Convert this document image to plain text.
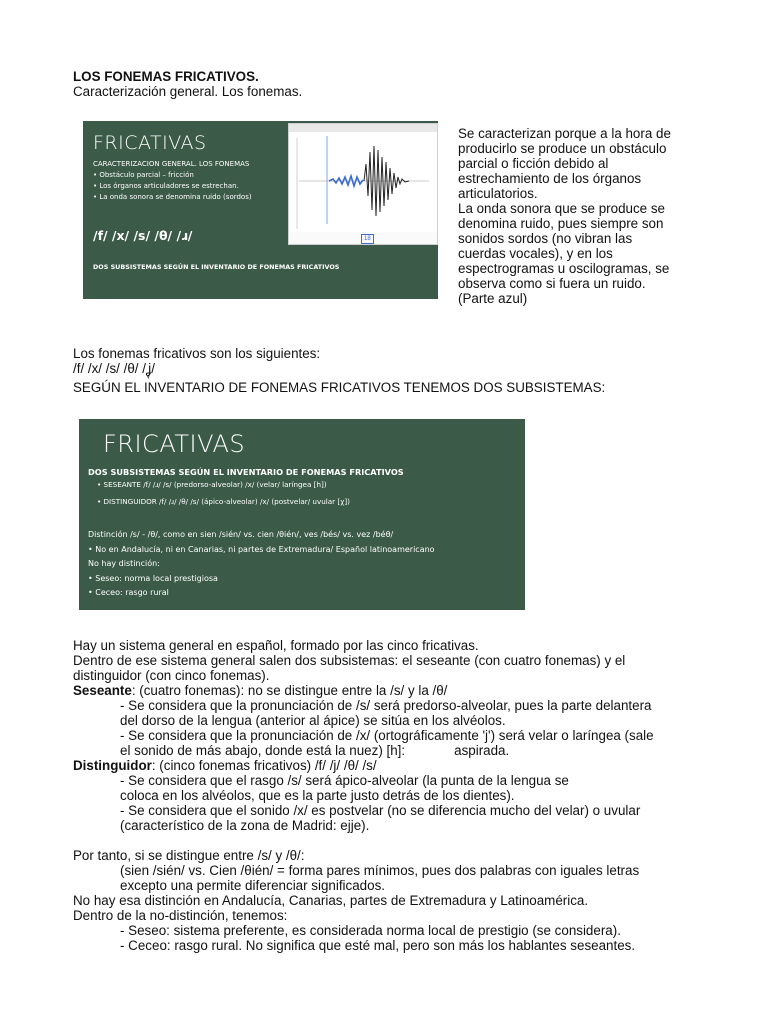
LOS FONEMAS FRICATIVOS.
Caracterización general. Los fonemas.
FRICATIVAS
CARACTERIZACION GENERAL. LOS FONEMAS
• Obstáculo parcial – fricción
• Los órganos articuladores se estrechan.
• La onda sonora se denomina ruido (sordos)
/f/ /x/ /s/ /θ/ /ɹ/
DOS SUBSISTEMAS SEGÚN EL INVENTARIO DE FONEMAS FRICATIVOS
18
Se caracterizan porque a la hora de
producirlo se produce un obstáculo
parcial o ficción debido al
estrechamiento de los órganos
articulatorios.
La onda sonora que se produce se
denomina ruido, pues siempre son
sonidos sordos (no vibran las
cuerdas vocales), y en los
espectrogramas u oscilogramas, se
observa como si fuera un ruido.
(Parte azul)
Los fonemas fricativos son los siguientes:
/f/ /x/ /s/ /θ/ /ʝ̞/
SEGÚN EL INVENTARIO DE FONEMAS FRICATIVOS TENEMOS DOS SUBSISTEMAS:
FRICATIVAS
DOS SUBSISTEMAS SEGÚN EL INVENTARIO DE FONEMAS FRICATIVOS
• SESEANTE /f/ /ɹ/ /s/ (predorso-alveolar) /x/ (velar/ laríngea [h])
• DISTINGUIDOR /f/ /ɹ/ /θ/ /s/ (ápico-alveolar) /x/ (postvelar/ uvular [χ])
Distinción /s/ - /θ/, como en sien /sién/ vs. cien /θién/, ves /bés/ vs. vez /béθ/
• No en Andalucía, ni en Canarias, ni partes de Extremadura/ Español latinoamericano
No hay distinción:
• Seseo: norma local prestigiosa
• Ceceo: rasgo rural
Hay un sistema general en español, formado por las cinco fricativas.
Dentro de ese sistema general salen dos subsistemas: el seseante (con cuatro fonemas) y el
distinguidor (con cinco fonemas).
Seseante: (cuatro fonemas): no se distingue entre la /s/ y la /θ/
- Se considera que la pronunciación de /s/ será predorso-alveolar, pues la parte delantera
del dorso de la lengua (anterior al ápice) se sitúa en los alvéolos.
- Se considera que la pronunciación de /x/ (ortográficamente 'j') será velar o laríngea (sale
el sonido de más abajo, donde está la nuez) [h]:	aspirada.
Distinguidor: (cinco fonemas fricativos) /f/ /j/ /θ/ /s/
- Se considera que el rasgo /s/ será ápico-alveolar (la punta de la lengua se
coloca en los alvéolos, que es la parte justo detrás de los dientes).
- Se considera que el sonido /x/ es postvelar (no se diferencia mucho del velar) o uvular
(característico de la zona de Madrid: ejje).
Por tanto, si se distingue entre /s/ y /θ/:
(sien /sién/ vs. Cien /θién/ = forma pares mínimos, pues dos palabras con iguales letras
excepto una permite diferenciar significados.
No hay esa distinción en Andalucía, Canarias, partes de Extremadura y Latinoamérica.
Dentro de la no-distinción, tenemos:
- Seseo: sistema preferente, es considerada norma local de prestigio (se considera).
- Ceceo: rasgo rural. No significa que esté mal, pero son más los hablantes seseantes.
